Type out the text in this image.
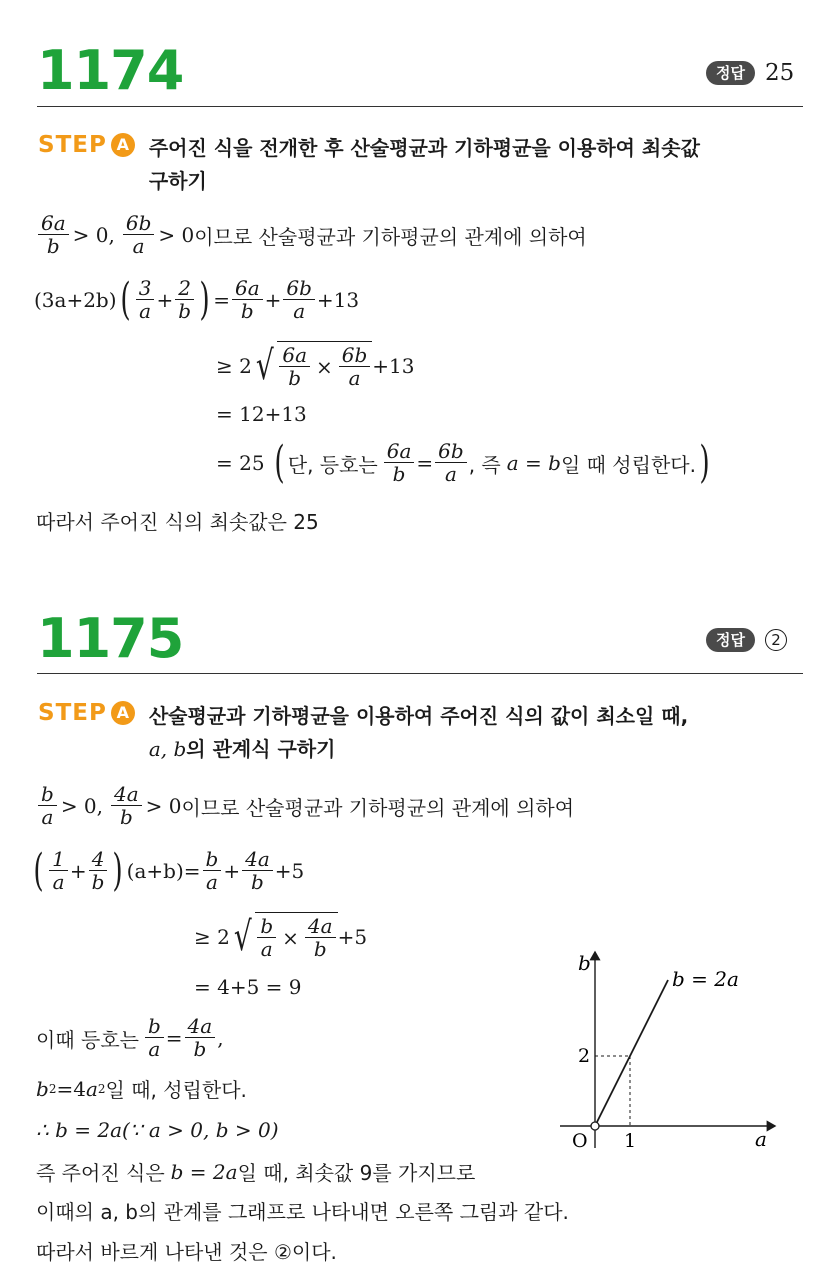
1174	정답 25
STEP A 주어진 식을 전개한 후 산술평균과 기하평균을 이용하여 최솟값
구하기
$\frac{6a}{b} > 0$, $\frac{6b}{a} > 0$ 이므로 산술평균과 기하평균의 관계에 의하여
(3a+2b) ( $\frac{3}{a} + \frac{2}{b}$ ) = $\frac{6a}{b} + \frac{6b}{a} +13$
≥ 2 √ $\frac{6a}{b} \times \frac{6b}{a} +13$
= 12+13
= 25 ( 단, 등호는 $\frac{6a}{b} = \frac{6b}{a}$ , 즉 a = b 일 때 성립한다. )
따라서 주어진 식의 최솟값은 25
1175	정답	2
STEP A 산술평균과 기하평균을 이용하여 주어진 식의 값이 최소일 때,
a, b의 관계식 구하기
$\frac{b}{a} > 0$, $\frac{4a}{b} > 0$ 이므로 산술평균과 기하평균의 관계에 의하여
( $\frac{1}{a} + \frac{4}{b}$ ) $(a+b) = \frac{b}{a} + \frac{4a}{b} +5$
≥ 2 √ $\frac{b}{a} \times \frac{4a}{b} +5$
= 4+5 = 9
이때 등호는 $\frac{b}{a} = \frac{4a}{b}$ ,
b 2 =4 a 2 일 때, 성립한다.
∴ b = 2a(∵ a > 0, b > 0)
즉 주어진 식은 b = 2a 일 때, 최솟값 9를 가지므로
이때의 a, b의 관계를 그래프로 나타내면 오른쪽 그림과 같다.
따라서 바르게 나타낸 것은 ②이다.
b
a
O 1
2
b = 2a
